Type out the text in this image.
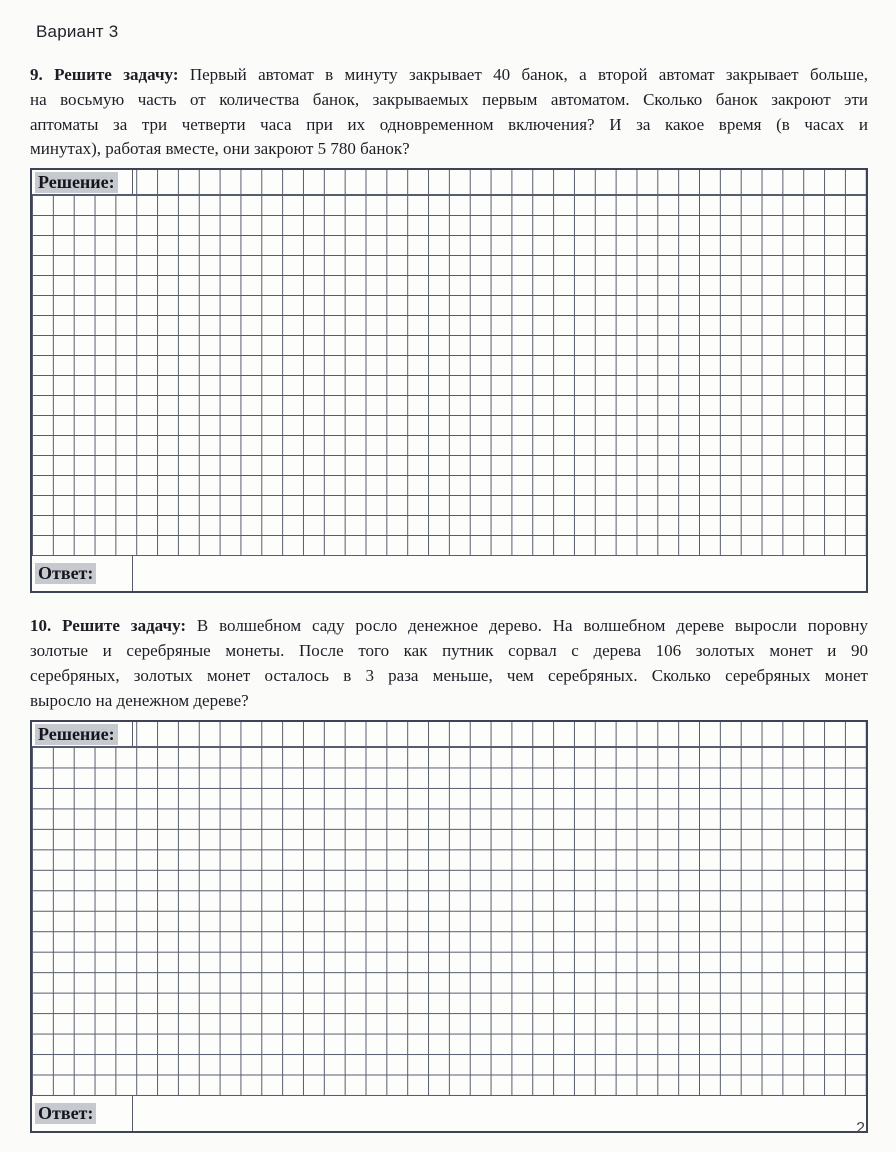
Вариант 3
9. Решите задачу: Первый автомат в минуту закрывает 40 банок, а второй автомат закрывает больше,
на восьмую часть от количества банок, закрываемых первым автоматом. Сколько банок закроют эти
аптоматы за три четверти часа при их одновременном включения? И за какое время (в часах и
минутах), работая вместе, они закроют 5 780 банок?
Решение:
Ответ:
10. Решите задачу: В волшебном саду росло денежное дерево. На волшебном дереве выросли поровну
золотые и серебряные монеты. После того как путник сорвал с дерева 106 золотых монет и 90
серебряных, золотых монет осталось в 3 раза меньше, чем серебряных. Сколько серебряных монет
выросло на денежном дереве?
Решение:
Ответ:
2
